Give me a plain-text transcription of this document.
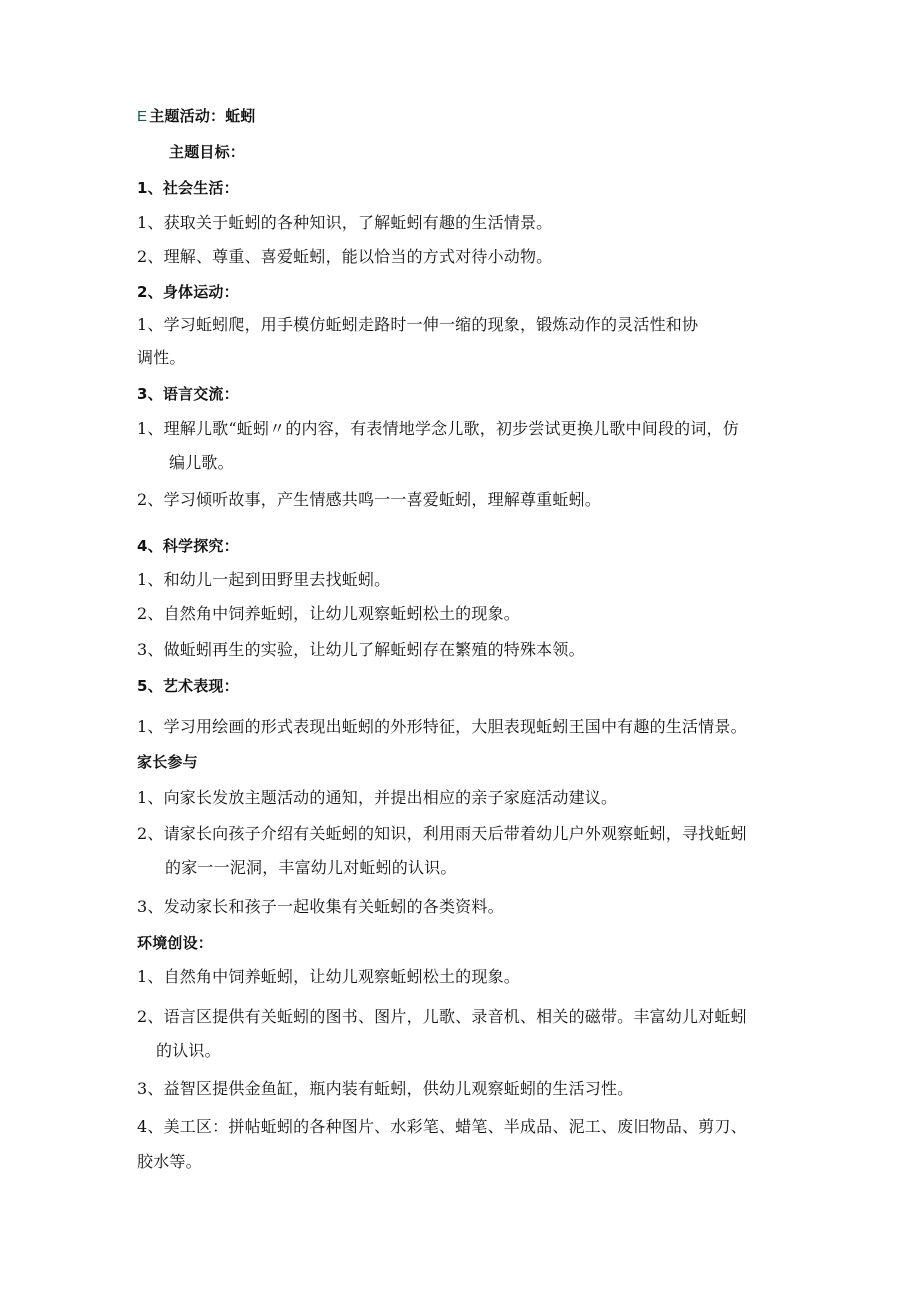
E 主题活动：蚯蚓
主题目标：
1、社会生活：
1、获取关于蚯蚓的各种知识，了解蚯蚓有趣的生活情景。
2、理解、尊重、喜爱蚯蚓，能以恰当的方式对待小动物。
2、身体运动：
1、学习蚯蚓爬，用手模仿蚯蚓走路时一伸一缩的现象，锻炼动作的灵活性和协
调性。
3、语言交流：
1、理解儿歌“蚯蚓〃的内容，有表情地学念儿歌，初步尝试更换儿歌中间段的词，仿
编儿歌。
2、学习倾听故事，产生情感共鸣一一喜爱蚯蚓，理解尊重蚯蚓。
4、科学探究：
1、和幼儿一起到田野里去找蚯蚓。
2、自然角中饲养蚯蚓，让幼儿观察蚯蚓松土的现象。
3、做蚯蚓再生的实验，让幼儿了解蚯蚓存在繁殖的特殊本领。
5、艺术表现：
1、学习用绘画的形式表现出蚯蚓的外形特征，大胆表现蚯蚓王国中有趣的生活情景。
家长参与
1、向家长发放主题活动的通知，并提出相应的亲子家庭活动建议。
2、请家长向孩子介绍有关蚯蚓的知识，利用雨天后带着幼儿户外观察蚯蚓，寻找蚯蚓
的家一一泥洞，丰富幼儿对蚯蚓的认识。
3、发动家长和孩子一起收集有关蚯蚓的各类资料。
环境创设：
1、自然角中饲养蚯蚓，让幼儿观察蚯蚓松土的现象。
2、语言区提供有关蚯蚓的图书、图片，儿歌、录音机、相关的磁带。丰富幼儿对蚯蚓
的认识。
3、益智区提供金鱼缸，瓶内装有蚯蚓，供幼儿观察蚯蚓的生活习性。
4、美工区：拼帖蚯蚓的各种图片、水彩笔、蜡笔、半成品、泥工、废旧物品、剪刀、
胶水等。
